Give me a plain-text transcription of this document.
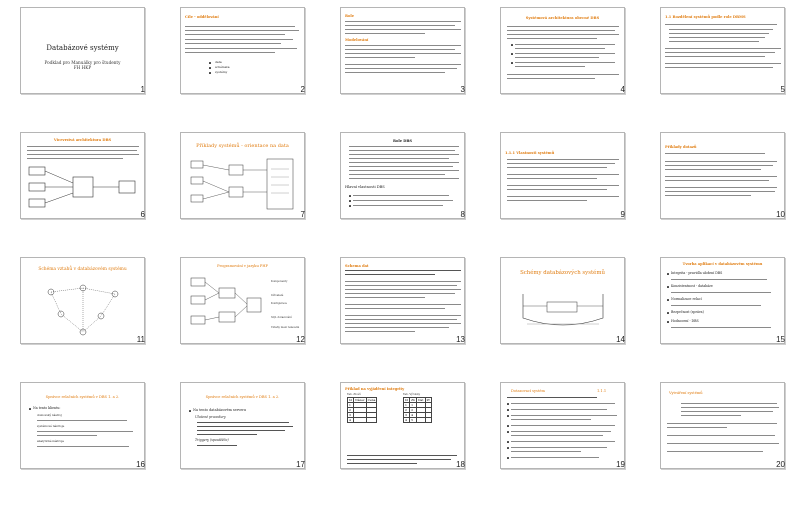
Databázové systémy
Podklad pro Manuálky pro študenty
FH HKP
1
Cíle - oddělování
data
schémata
systémy
2
Role
Modelování
3
Systémová architektura obecné DBS
4
1.1 Rozdělení systémů podle role DBMS
5
Vícevrstvá architektura DBS
6
Příklady systémů - orientace na data
7
Role DBS
Hlavní vlastnosti DBS
8
1.1.1 Vlastnosti systémů
9
Příklady dotazů
10
Schéma vztahů v databázovém systému
11
Programování v jazyku PHP
Komponenty
Uživatelé
Konfigurace
SQL dotazování
Vztahy mezi relacemi
12
Schema dat
13
Schémy databázových systémů
14
Tvorba aplikací v databázovém systému
Integrita - pravidla uložení DBS
Konzistentnost - databáze
Normalizace relací
Bezpečnost (správa)
Hodnocení - DBS
15
Správce relačních systémů v DBS 1. a 2.
Na tento klientu:
domovský nástroj
systémové nástroje
analytické nástroje
16
Správce relačních systémů v DBS 1. a 2.
Na tento databázovém serveru
Uložené procedury
Triggery (spouštěče)
17
Příklad na vyjádření integrity
Tab. Zboží	Tab. Výrobky
Id	Název	Cena
1		
2		
3		
4		
Id	Zb	Dat	Pr
1	1		
2	2		
3	4		
4	5		
18
Dotazovací systém	1.1.1
19
Vytváření systémů
20
